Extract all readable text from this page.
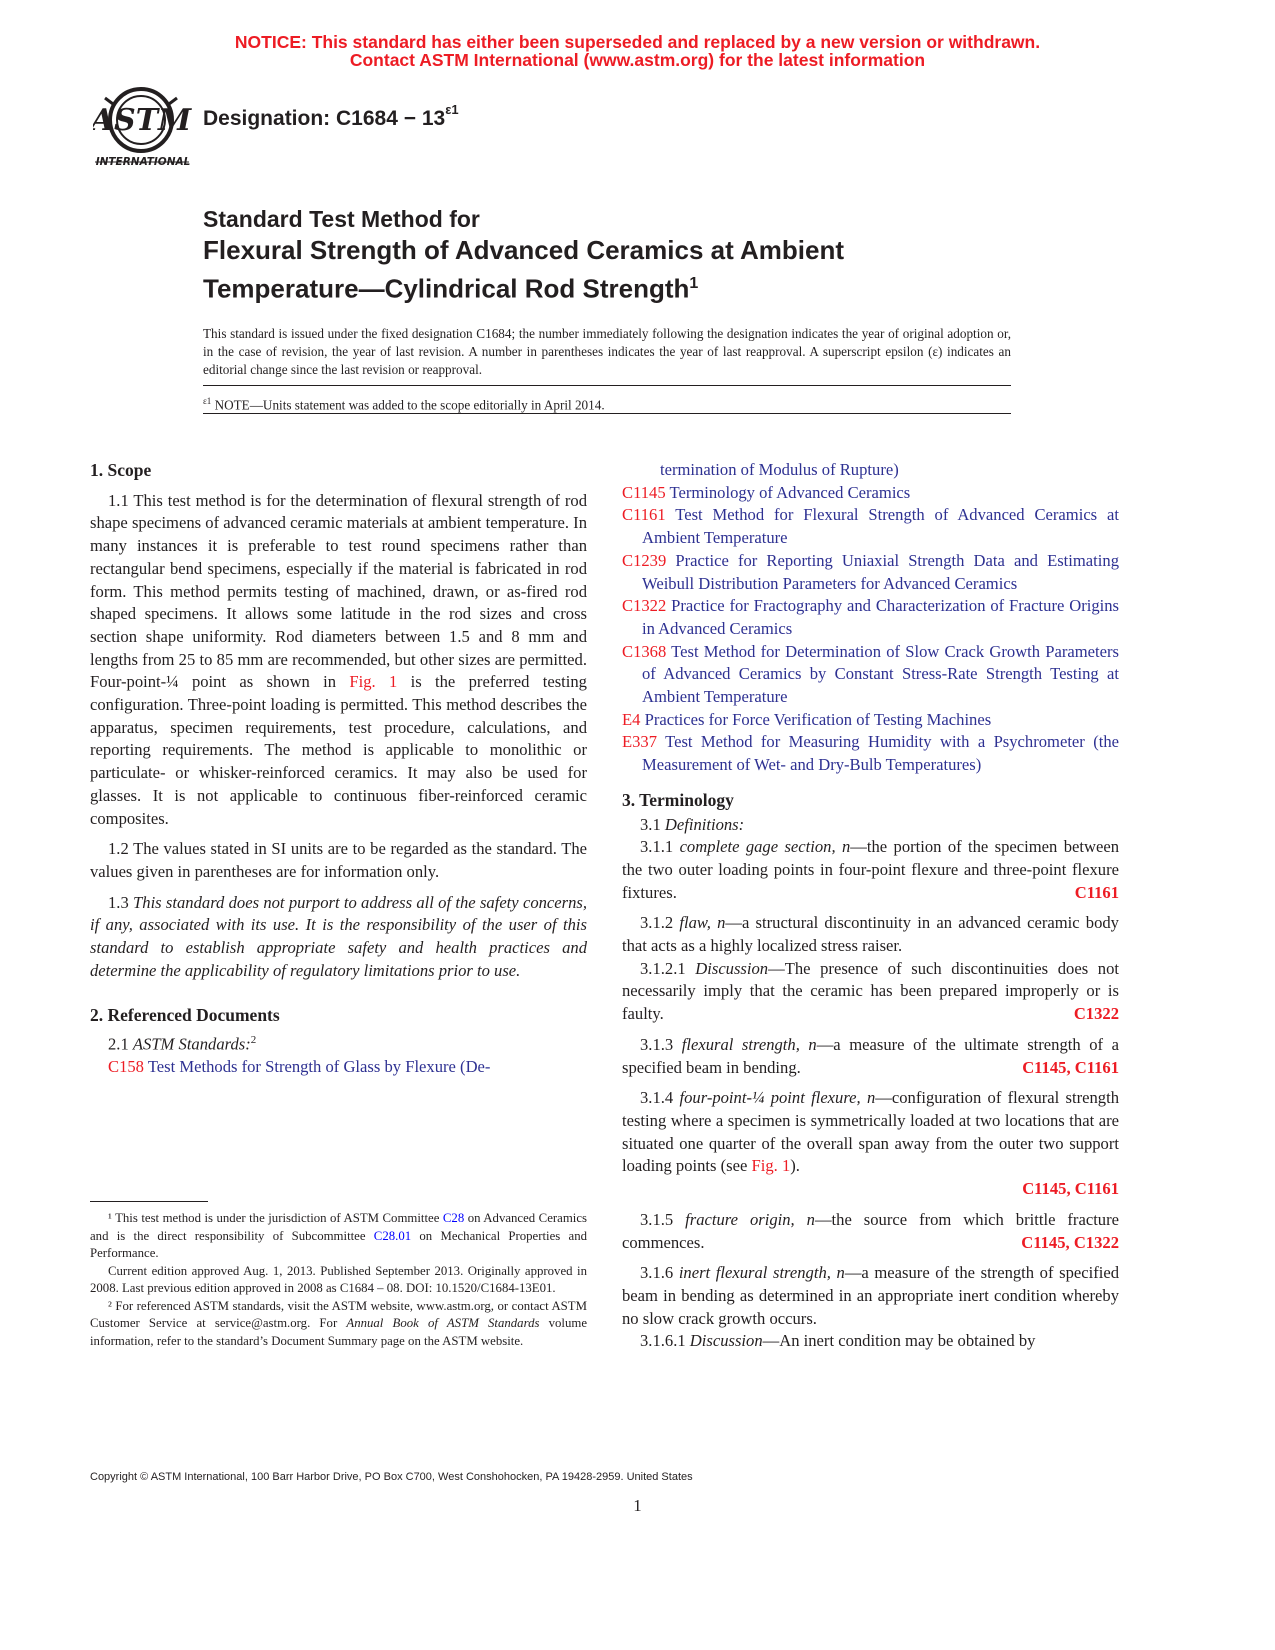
NOTICE: This standard has either been superseded and replaced by a new version or withdrawn.
Contact ASTM International (www.astm.org) for the latest information
ASTM
INTERNATIONAL
Designation: $C1684 - 13^{\varepsilon 1}$
Standard Test Method for
Flexural Strength of Advanced Ceramics at Ambient
Temperature—Cylindrical Rod Strength$^1$
This standard is issued under the fixed designation C1684; the number immediately following the designation indicates the year of original adoption or, in the case of revision, the year of last revision. A number in parentheses indicates the year of last reapproval. A superscript epsilon (ε) indicates an editorial change since the last revision or reapproval.
$^{\varepsilon 1}$ NOTE—Units statement was added to the scope editorially in April 2014.

1. Scope

1.1 This test method is for the determination of flexural strength of rod shape specimens of advanced ceramic materials at ambient temperature. In many instances it is preferable to test round specimens rather than rectangular bend specimens, especially if the material is fabricated in rod form. This method permits testing of machined, drawn, or as-fired rod shaped specimens. It allows some latitude in the rod sizes and cross section shape uniformity. Rod diameters between 1.5 and 8 mm and lengths from 25 to 85 mm are recommended, but other sizes are permitted. Four-point-¼ point as shown in Fig. 1 is the preferred testing configuration. Three-point loading is permitted. This method describes the apparatus, specimen requirements, test procedure, calculations, and reporting requirements. The method is applicable to monolithic or particulate- or whisker-reinforced ceramics. It may also be used for glasses. It is not applicable to continuous fiber-reinforced ceramic composites.

1.2 The values stated in SI units are to be regarded as the standard. The values given in parentheses are for information only.

1.3 This standard does not purport to address all of the safety concerns, if any, associated with its use. It is the responsibility of the user of this standard to establish appropriate safety and health practices and determine the applicability of regulatory limitations prior to use.

2. Referenced Documents

2.1 ASTM Standards:$^2$

C158 Test Methods for Strength of Glass by Flexure (De-

¹ This test method is under the jurisdiction of ASTM Committee C28 on Advanced Ceramics and is the direct responsibility of Subcommittee C28.01 on Mechanical Properties and Performance.

Current edition approved Aug. 1, 2013. Published September 2013. Originally approved in 2008. Last previous edition approved in 2008 as C1684 – 08. DOI: 10.1520/C1684-13E01.

² For referenced ASTM standards, visit the ASTM website, www.astm.org, or contact ASTM Customer Service at service@astm.org. For Annual Book of ASTM Standards volume information, refer to the standard’s Document Summary page on the ASTM website.

termination of Modulus of Rupture)

C1145 Terminology of Advanced Ceramics

C1161 Test Method for Flexural Strength of Advanced Ceramics at Ambient Temperature

C1239 Practice for Reporting Uniaxial Strength Data and Estimating Weibull Distribution Parameters for Advanced Ceramics

C1322 Practice for Fractography and Characterization of Fracture Origins in Advanced Ceramics

C1368 Test Method for Determination of Slow Crack Growth Parameters of Advanced Ceramics by Constant Stress-Rate Strength Testing at Ambient Temperature

E4 Practices for Force Verification of Testing Machines

E337 Test Method for Measuring Humidity with a Psychrometer (the Measurement of Wet- and Dry-Bulb Temperatures)

3. Terminology

3.1 Definitions:

3.1.1 complete gage section, n—the portion of the specimen between the two outer loading points in four-point flexure and three-point flexure fixtures.	C1161

3.1.2 flaw, n—a structural discontinuity in an advanced ceramic body that acts as a highly localized stress raiser.

3.1.2.1 Discussion—The presence of such discontinuities does not necessarily imply that the ceramic has been prepared improperly or is faulty.	C1322

3.1.3 flexural strength, n—a measure of the ultimate strength of a specified beam in bending.	C1145, C1161

3.1.4 four-point-¼ point flexure, n—configuration of flexural strength testing where a specimen is symmetrically loaded at two locations that are situated one quarter of the overall span away from the outer two support loading points (see Fig. 1).

C1145, C1161

3.1.5 fracture origin, n—the source from which brittle fracture commences.	C1145, C1322

3.1.6 inert flexural strength, n—a measure of the strength of specified beam in bending as determined in an appropriate inert condition whereby no slow crack growth occurs.

3.1.6.1 Discussion—An inert condition may be obtained by

Copyright © ASTM International, 100 Barr Harbor Drive, PO Box C700, West Conshohocken, PA 19428-2959. United States
1
